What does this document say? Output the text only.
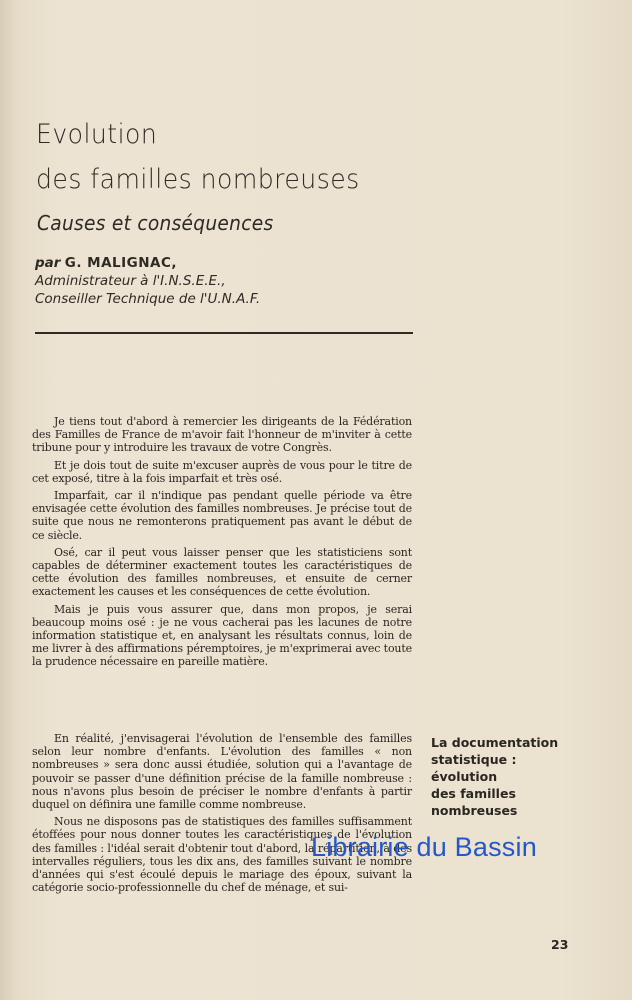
Evolution
des familles nombreuses
Causes et conséquences
par G. MALIGNAC,
Administrateur à l'I.N.S.E.E.,
Conseiller Technique de l'U.N.A.F.

Je tiens tout d'abord à remercier les dirigeants de la Fédération des Familles de France de m'avoir fait l'honneur de m'inviter à cette tribune pour y introduire les travaux de votre Congrès.

Et je dois tout de suite m'excuser auprès de vous pour le titre de cet exposé, titre à la fois imparfait et très osé.

Imparfait, car il n'indique pas pendant quelle période va être envisagée cette évolution des familles nombreuses. Je précise tout de suite que nous ne remonterons pratiquement pas avant le début de ce siècle.

Osé, car il peut vous laisser penser que les statisticiens sont capables de déterminer exactement toutes les caractéristiques de cette évolution des familles nombreuses, et ensuite de cerner exactement les causes et les conséquences de cette évolution.

Mais je puis vous assurer que, dans mon propos, je serai beaucoup moins osé : je ne vous cacherai pas les lacunes de notre information statistique et, en analysant les résultats connus, loin de me livrer à des affirmations péremptoires, je m'exprimerai avec toute la prudence nécessaire en pareille matière.

En réalité, j'envisagerai l'évolution de l'ensemble des familles selon leur nombre d'enfants. L'évolution des familles « non nombreuses » sera donc aussi étudiée, solution qui a l'avantage de pouvoir se passer d'une définition précise de la famille nombreuse : nous n'avons plus besoin de préciser le nombre d'enfants à partir duquel on définira une famille comme nombreuse.

Nous ne disposons pas de statistiques des familles suffisamment étoffées pour nous donner toutes les caractéristiques de l'évolution des familles : l'idéal serait d'obtenir tout d'abord, la répartition, à des intervalles réguliers, tous les dix ans, des familles suivant le nombre d'années qui s'est écoulé depuis le mariage des époux, suivant la catégorie socio-professionnelle du chef de ménage, et sui-

La documentation
statistique :
évolution
des familles
nombreuses
Librairie du Bassin
23
